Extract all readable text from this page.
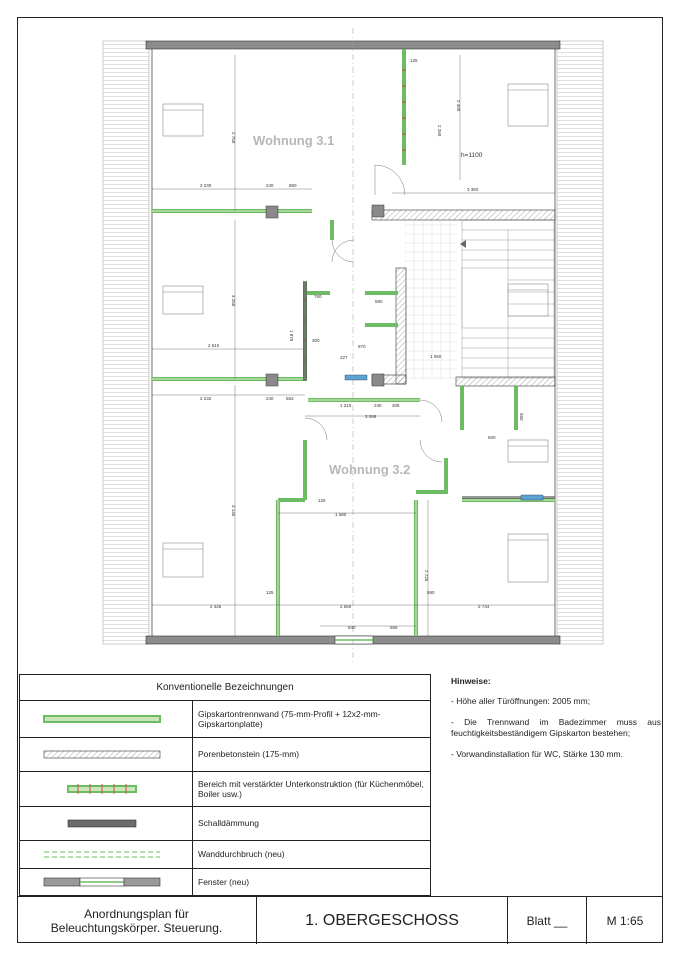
Wohnung 3.1
Wohnung 3.2
h=1100
2 230	240	850
3 382
2 232	240	553
1 210	240 305
3 068
2 425	2 550	2 734
1 580
640	565
2 750
3 255
3 145
2 300
2 260
2 725
125
760
590
2 610
300
970
1 875
1 050
227
125
125	590
550
500
Konventionelle Bezeichnungen
Gipskartontrennwand (75-mm-Profil + 12x2-mm-Gipskartonplatte)
Porenbetonstein (175-mm)
Bereich mit verstärkter Unterkonstruktion (für Küchenmöbel, Boiler usw.)
Schalldämmung
Wanddurchbruch (neu)
Fenster (neu)
Hinweise:
- Höhe aller Türöffnungen: 2005 mm;
- Die Trennwand im Badezimmer muss aus feuchtigkeitsbeständigem Gipskarton bestehen;
- Vorwandinstallation für WC, Stärke 130 mm.
Anordnungsplan für Beleuchtungskörper. Steuerung.	1. OBERGESCHOSS	Blatt __	M 1:65
